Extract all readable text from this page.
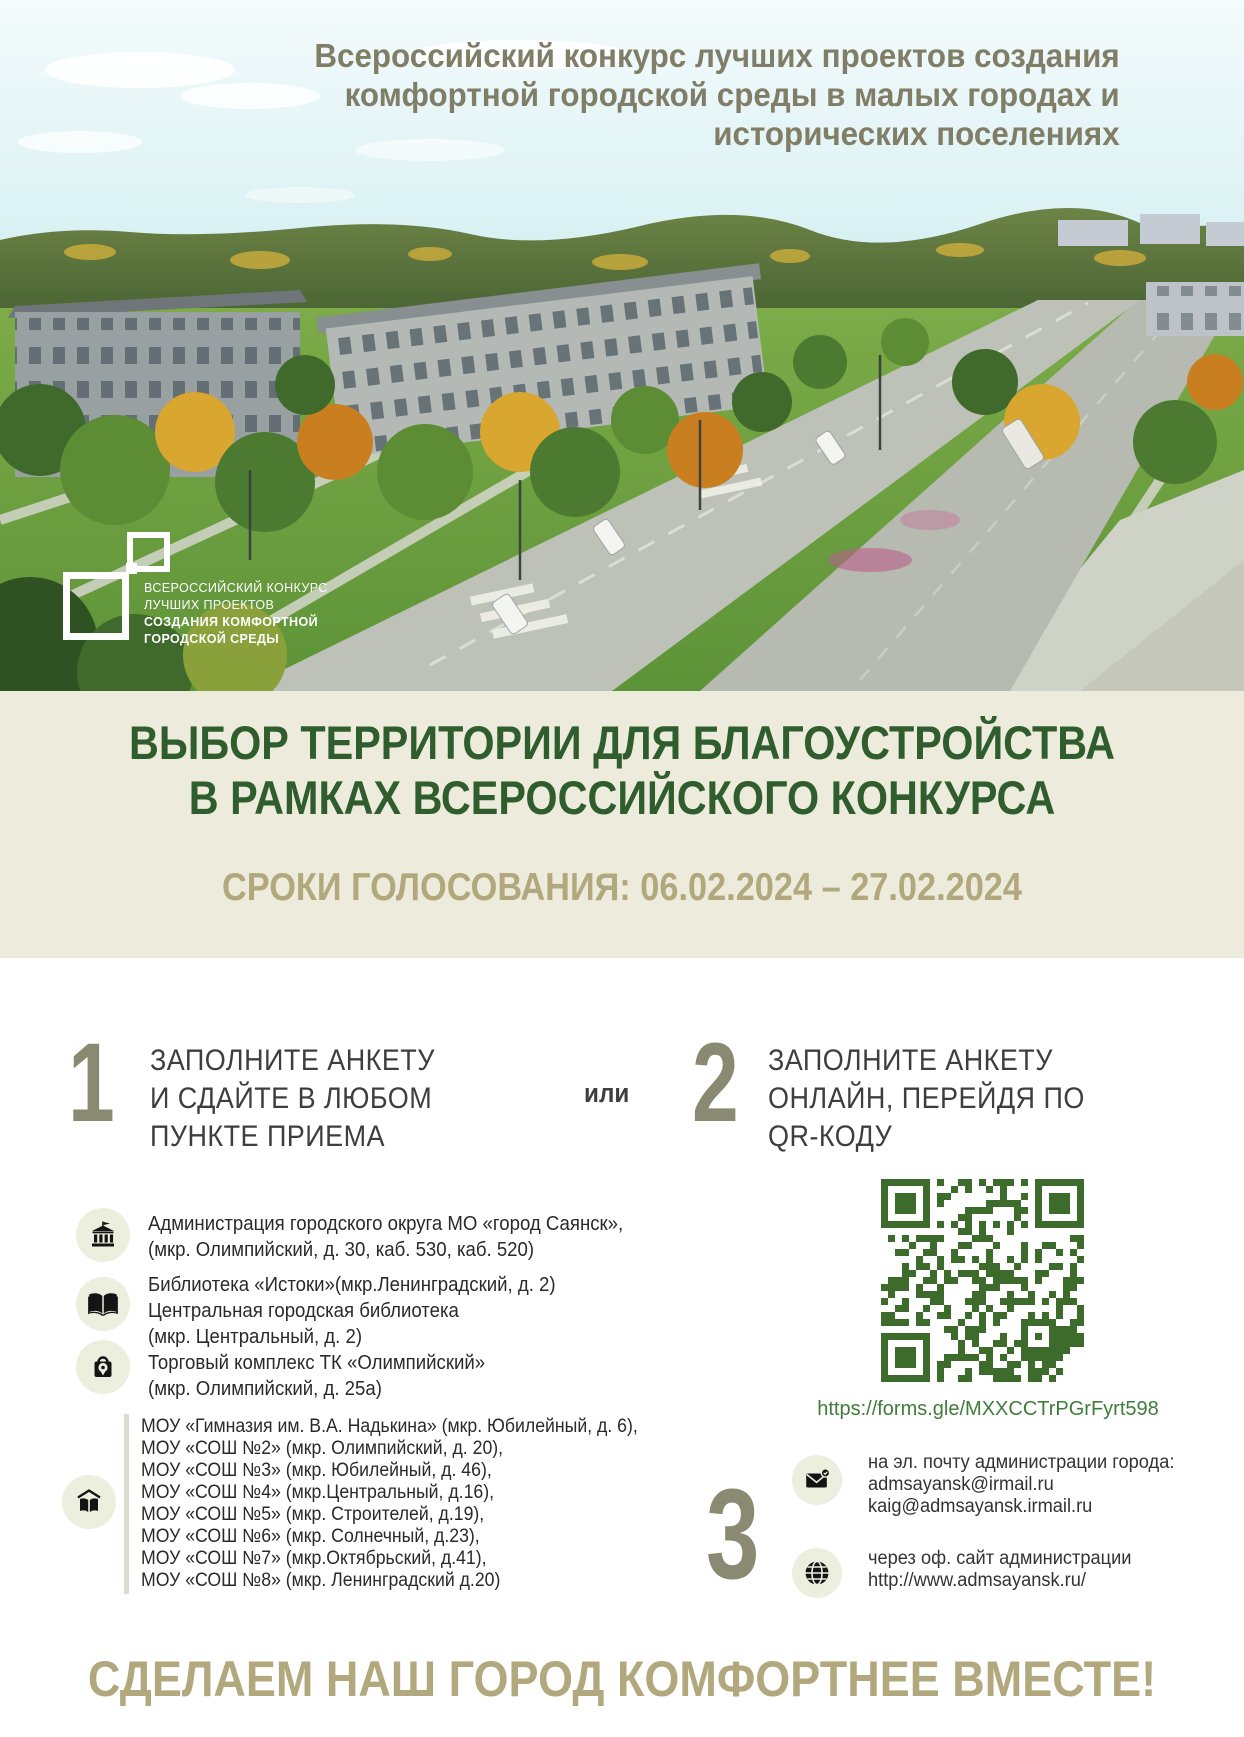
Всероссийский конкурс лучших проектов создания
комфортной городской среды в малых городах и
исторических поселениях
ВСЕРОССИЙСКИЙ КОНКУРС
ЛУЧШИХ ПРОЕКТОВ
СОЗДАНИЯ КОМФОРТНОЙ
ГОРОДСКОЙ СРЕДЫ
ВЫБОР ТЕРРИТОРИИ ДЛЯ БЛАГОУСТРОЙСТВА
В РАМКАХ ВСЕРОССИЙСКОГО КОНКУРСА
СРОКИ ГОЛОСОВАНИЯ: 06.02.2024 – 27.02.2024
1 ЗАПОЛНИТЕ АНКЕТУ
И СДАЙТЕ В ЛЮБОМ
ПУНКТЕ ПРИЕМА
или 2 ЗАПОЛНИТЕ АНКЕТУ
ОНЛАЙН, ПЕРЕЙДЯ ПО
QR-КОДУ
Администрация городского округа МО «город Саянск»,
(мкр. Олимпийский, д. 30, каб. 530, каб. 520)
Библиотека «Истоки»(мкр.Ленинградский, д. 2)
Центральная городская библиотека
(мкр. Центральный, д. 2)
Торговый комплекс ТК «Олимпийский»
(мкр. Олимпийский, д. 25а)
МОУ «Гимназия им. В.А. Надькина» (мкр. Юбилейный, д. 6),
МОУ «СОШ №2» (мкр. Олимпийский, д. 20),
МОУ «СОШ №3» (мкр. Юбилейный, д. 46),
МОУ «СОШ №4» (мкр.Центральный, д.16),
МОУ «СОШ №5» (мкр. Строителей, д.19),
МОУ «СОШ №6» (мкр. Солнечный, д.23),
МОУ «СОШ №7» (мкр.Октябрьский, д.41),
МОУ «СОШ №8» (мкр. Ленинградский д.20)
https://forms.gle/MXXCCTrPGrFyrt598
3
на эл. почту администрации города:
admsayansk@irmail.ru
kaig@admsayansk.irmail.ru
через оф. сайт администрации
http://www.admsayansk.ru/
СДЕЛАЕМ НАШ ГОРОД КОМФОРТНЕЕ ВМЕСТЕ!
